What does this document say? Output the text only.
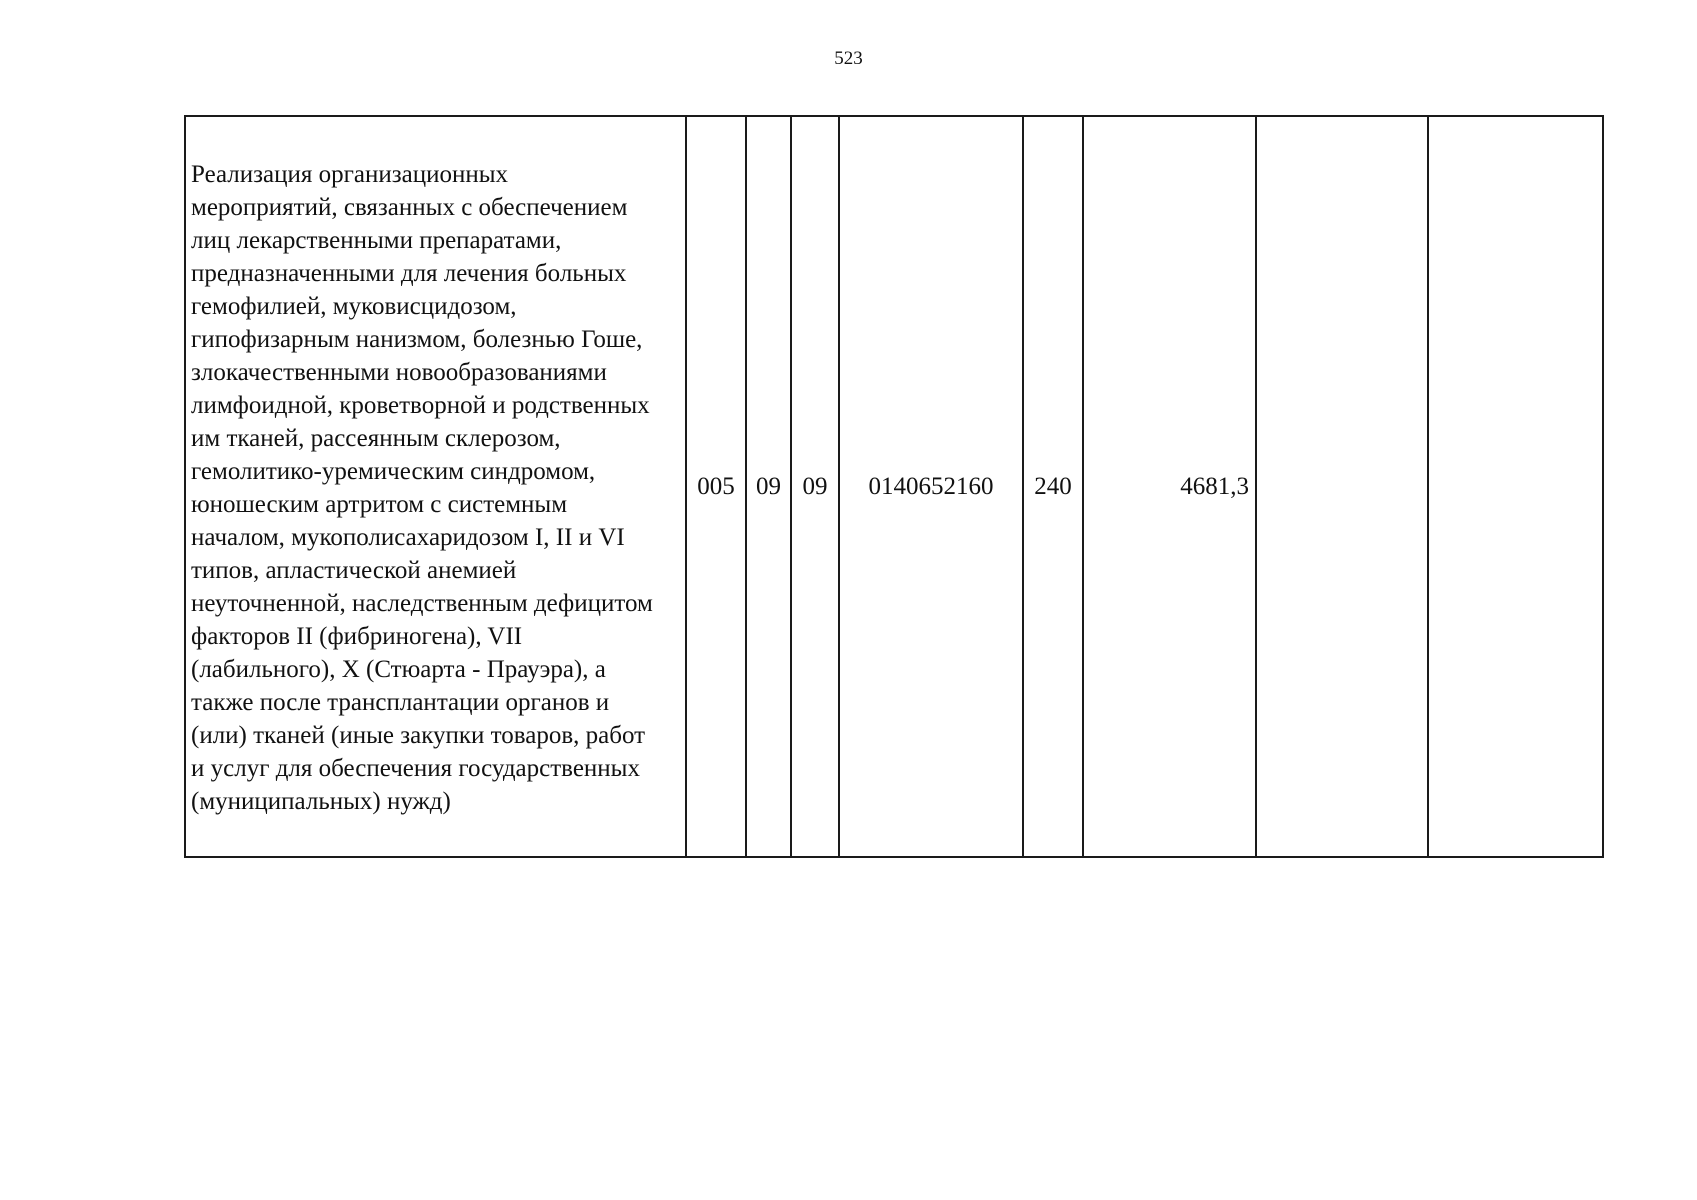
523
Реализация организационных
мероприятий, связанных с обеспечением
лиц лекарственными препаратами,
предназначенными для лечения больных
гемофилией, муковисцидозом,
гипофизарным нанизмом, болезнью Гоше,
злокачественными новообразованиями
лимфоидной, кроветворной и родственных
им тканей, рассеянным склерозом,
гемолитико-уремическим синдромом,
юношеским артритом с системным
началом, мукополисахаридозом I, II и VI
типов, апластической анемией
неуточненной, наследственным дефицитом
факторов II (фибриногена), VII
(лабильного), X (Стюарта - Прауэра), а
также после трансплантации органов и
(или) тканей (иные закупки товаров, работ
и услуг для обеспечения государственных
(муниципальных) нужд)
	005	09	09	0140652160	240	4681,3		
